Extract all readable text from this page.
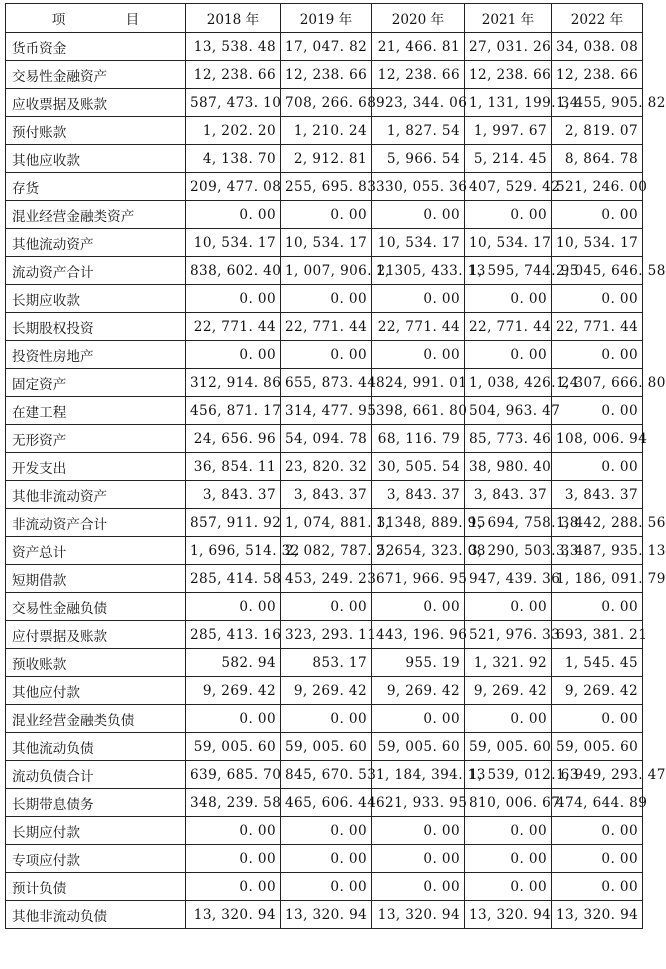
项 目	2018 年	2019 年	2020 年	2021 年	2022 年
货币资金	13, 538. 48	17, 047. 82	21, 466. 81	27, 031. 26	34, 038. 08
交易性金融资产	12, 238. 66	12, 238. 66	12, 238. 66	12, 238. 66	12, 238. 66
应收票据及账款	587, 473. 10	708, 266. 68	923, 344. 06	1, 131, 199. 34	1, 455, 905. 82
预付账款	1, 202. 20	1, 210. 24	1, 827. 54	1, 997. 67	2, 819. 07
其他应收款	4, 138. 70	2, 912. 81	5, 966. 54	5, 214. 45	8, 864. 78
存货	209, 477. 08	255, 695. 83	330, 055. 36	407, 529. 42	521, 246. 00
混业经营金融类资产	0. 00	0. 00	0. 00	0. 00	0. 00
其他流动资产	10, 534. 17	10, 534. 17	10, 534. 17	10, 534. 17	10, 534. 17
流动资产合计	838, 602. 40	1, 007, 906. 21	1, 305, 433. 13	1, 595, 744. 95	2, 045, 646. 58
长期应收款	0. 00	0. 00	0. 00	0. 00	0. 00
长期股权投资	22, 771. 44	22, 771. 44	22, 771. 44	22, 771. 44	22, 771. 44
投资性房地产	0. 00	0. 00	0. 00	0. 00	0. 00
固定资产	312, 914. 86	655, 873. 44	824, 991. 01	1, 038, 426. 24	1, 307, 666. 80
在建工程	456, 871. 17	314, 477. 95	398, 661. 80	504, 963. 47	0. 00
无形资产	24, 656. 96	54, 094. 78	68, 116. 79	85, 773. 46	108, 006. 94
开发支出	36, 854. 11	23, 820. 32	30, 505. 54	38, 980. 40	0. 00
其他非流动资产	3, 843. 37	3, 843. 37	3, 843. 37	3, 843. 37	3, 843. 37
非流动资产合计	857, 911. 92	1, 074, 881. 31	1, 348, 889. 95	1, 694, 758. 38	1, 442, 288. 56
资产总计	1, 696, 514. 32	2, 082, 787. 52	2, 654, 323. 08	3, 290, 503. 33	3, 487, 935. 13
短期借款	285, 414. 58	453, 249. 23	671, 966. 95	947, 439. 36	1, 186, 091. 79
交易性金融负债	0. 00	0. 00	0. 00	0. 00	0. 00
应付票据及账款	285, 413. 16	323, 293. 11	443, 196. 96	521, 976. 33	693, 381. 21
预收账款	582. 94	853. 17	955. 19	1, 321. 92	1, 545. 45
其他应付款	9, 269. 42	9, 269. 42	9, 269. 42	9, 269. 42	9, 269. 42
混业经营金融类负债	0. 00	0. 00	0. 00	0. 00	0. 00
其他流动负债	59, 005. 60	59, 005. 60	59, 005. 60	59, 005. 60	59, 005. 60
流动负债合计	639, 685. 70	845, 670. 53	1, 184, 394. 13	1, 539, 012. 63	1, 949, 293. 47
长期带息债务	348, 239. 58	465, 606. 44	621, 933. 95	810, 006. 67	474, 644. 89
长期应付款	0. 00	0. 00	0. 00	0. 00	0. 00
专项应付款	0. 00	0. 00	0. 00	0. 00	0. 00
预计负债	0. 00	0. 00	0. 00	0. 00	0. 00
其他非流动负债	13, 320. 94	13, 320. 94	13, 320. 94	13, 320. 94	13, 320. 94
